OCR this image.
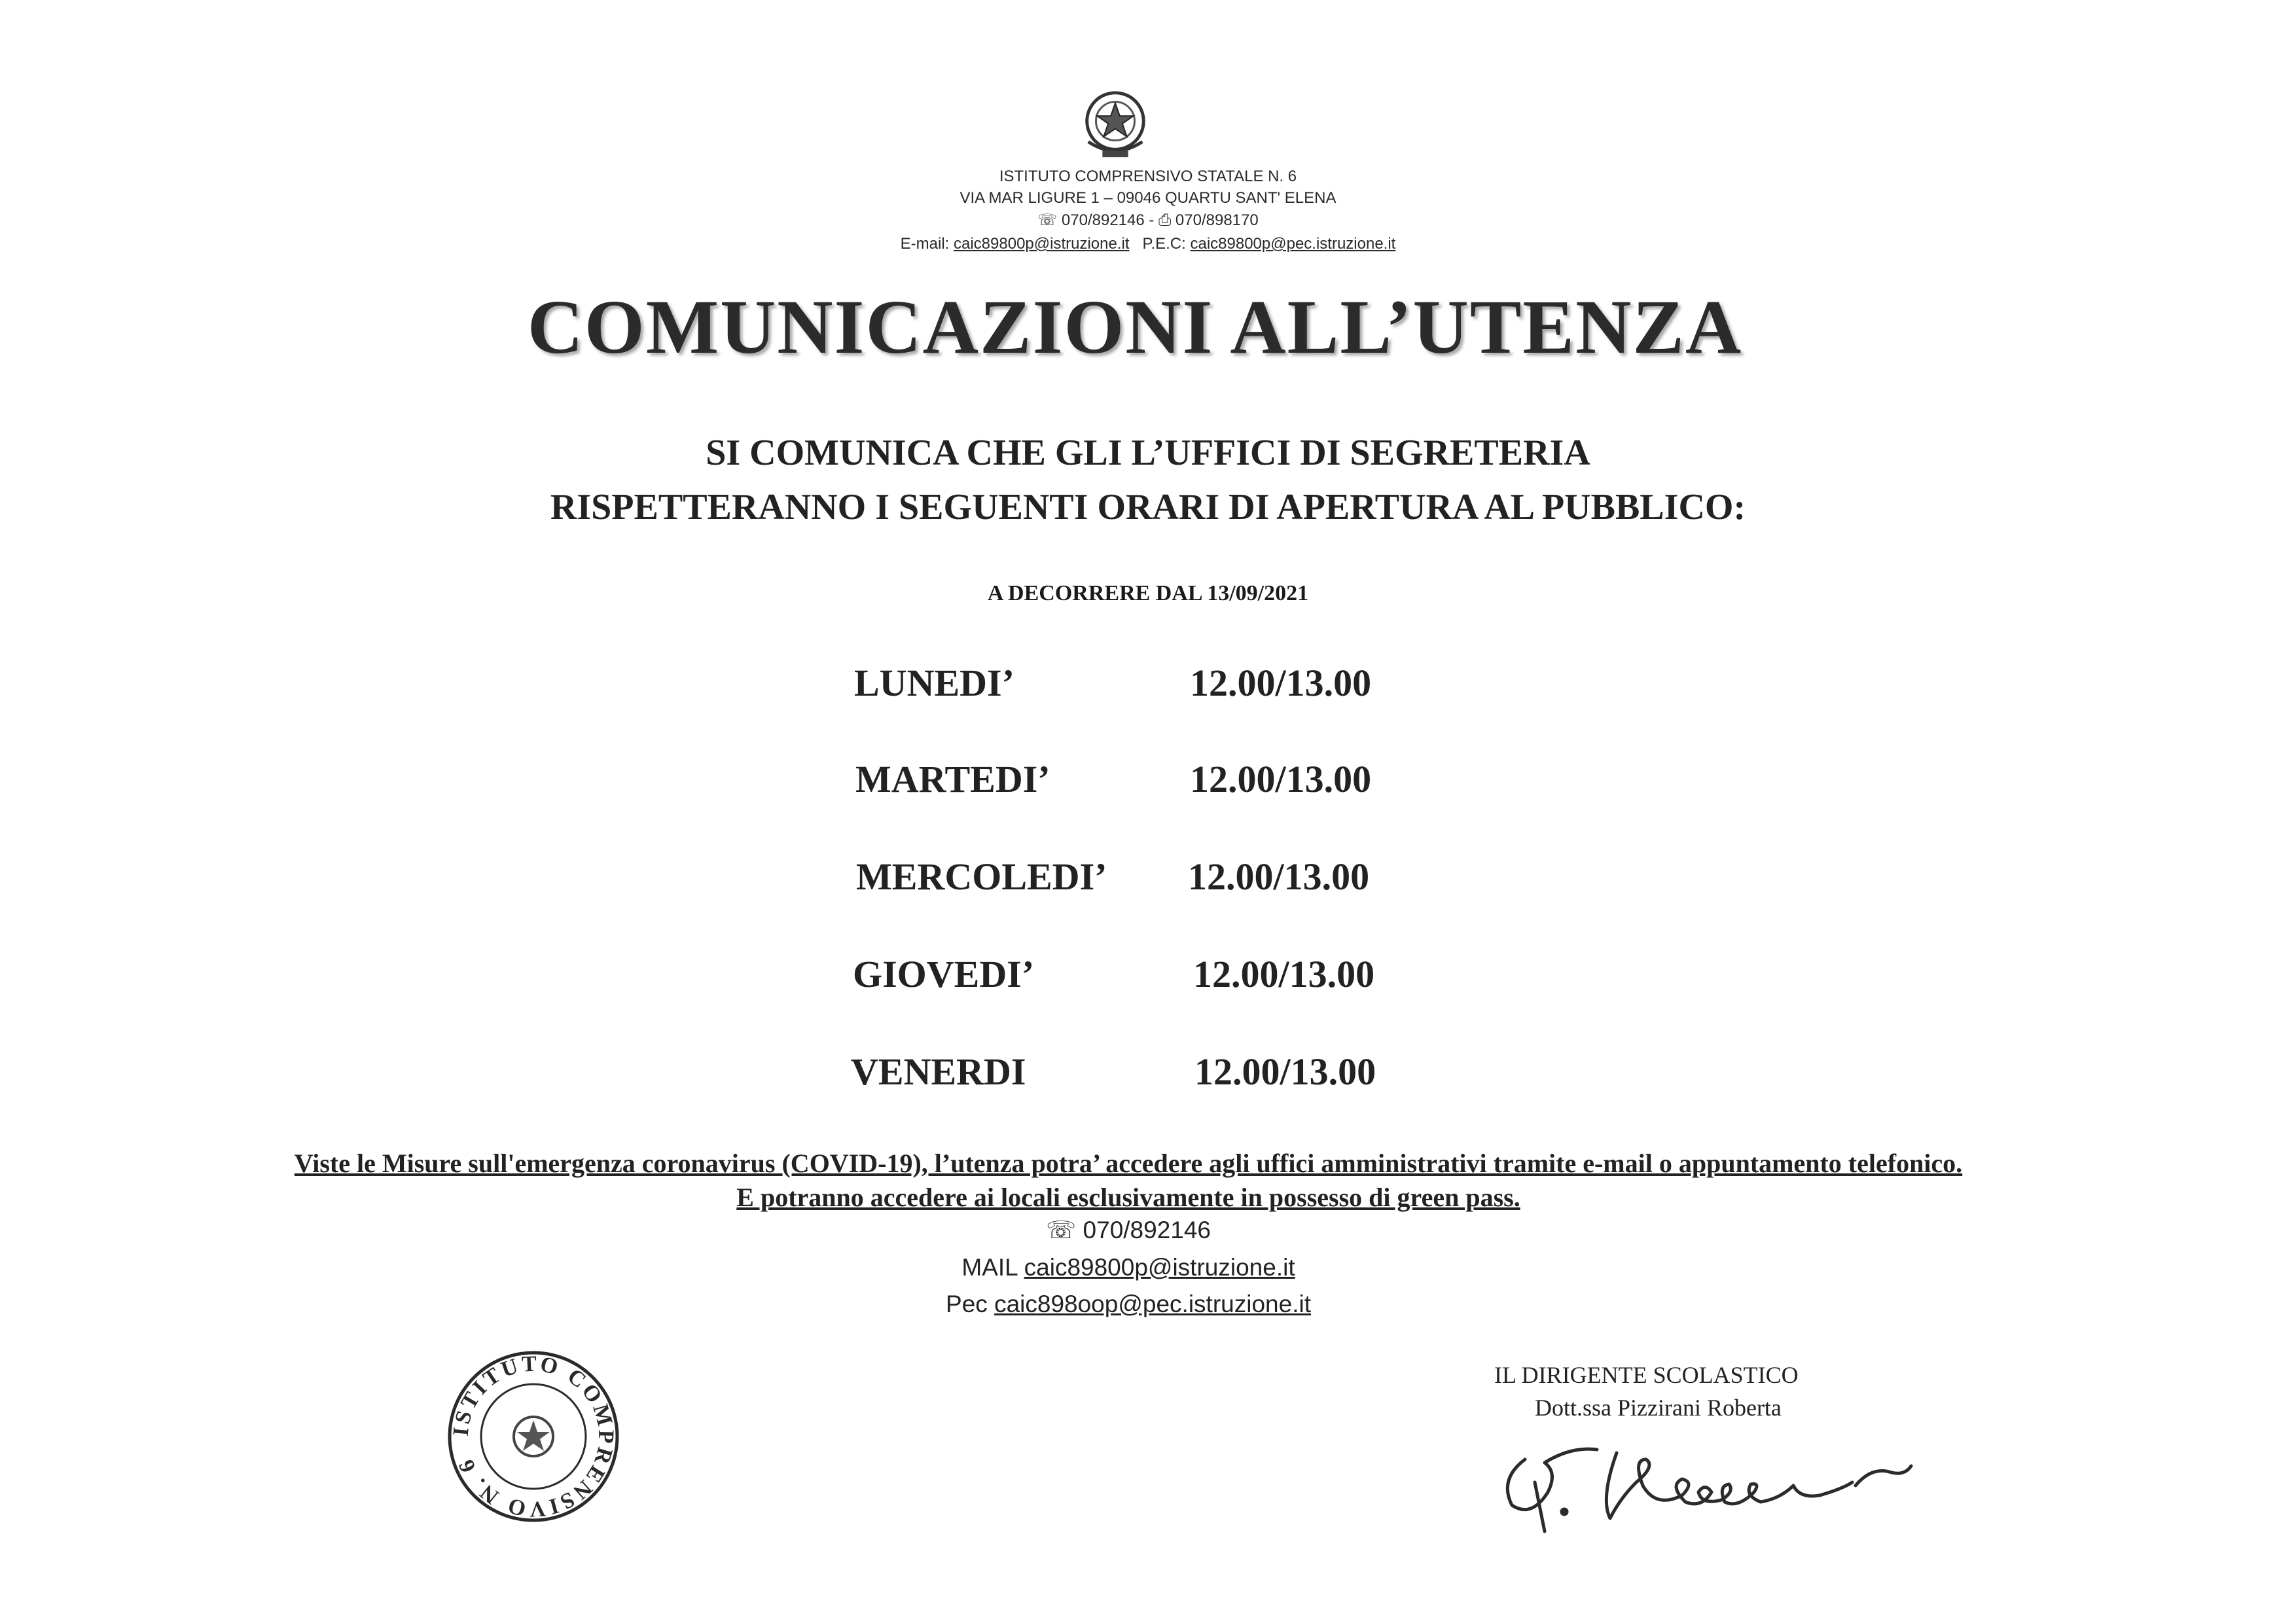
ISTITUTO COMPRENSIVO STATALE N. 6
VIA MAR LIGURE 1 – 09046 QUARTU SANT' ELENA
☏ 070/892146 - ⎙ 070/898170
E-mail: caic89800p@istruzione.it P.E.C: caic89800p@pec.istruzione.it
COMUNICAZIONI ALL’UTENZA
SI COMUNICA CHE GLI L’UFFICI DI SEGRETERIA
RISPETTERANNO I SEGUENTI ORARI DI APERTURA AL PUBBLICO:
A DECORRERE DAL 13/09/2021
LUNEDI’	12.00/13.00
MARTEDI’	12.00/13.00
MERCOLEDI’ 12.00/13.00
GIOVEDI’	12.00/13.00
VENERDI	12.00/13.00
Viste le Misure sull'emergenza coronavirus (COVID-19), l’utenza potra’ accedere agli uffici amministrativi tramite e-mail o appuntamento telefonico.
E potranno accedere ai locali esclusivamente in possesso di green pass.
☏ 070/892146
MAIL caic89800p@istruzione.it
Pec caic898oop@pec.istruzione.it
ISTITUTO COMPRENSIVO N. 6
IL DIRIGENTE SCOLASTICO
Dott.ssa Pizzirani Roberta
